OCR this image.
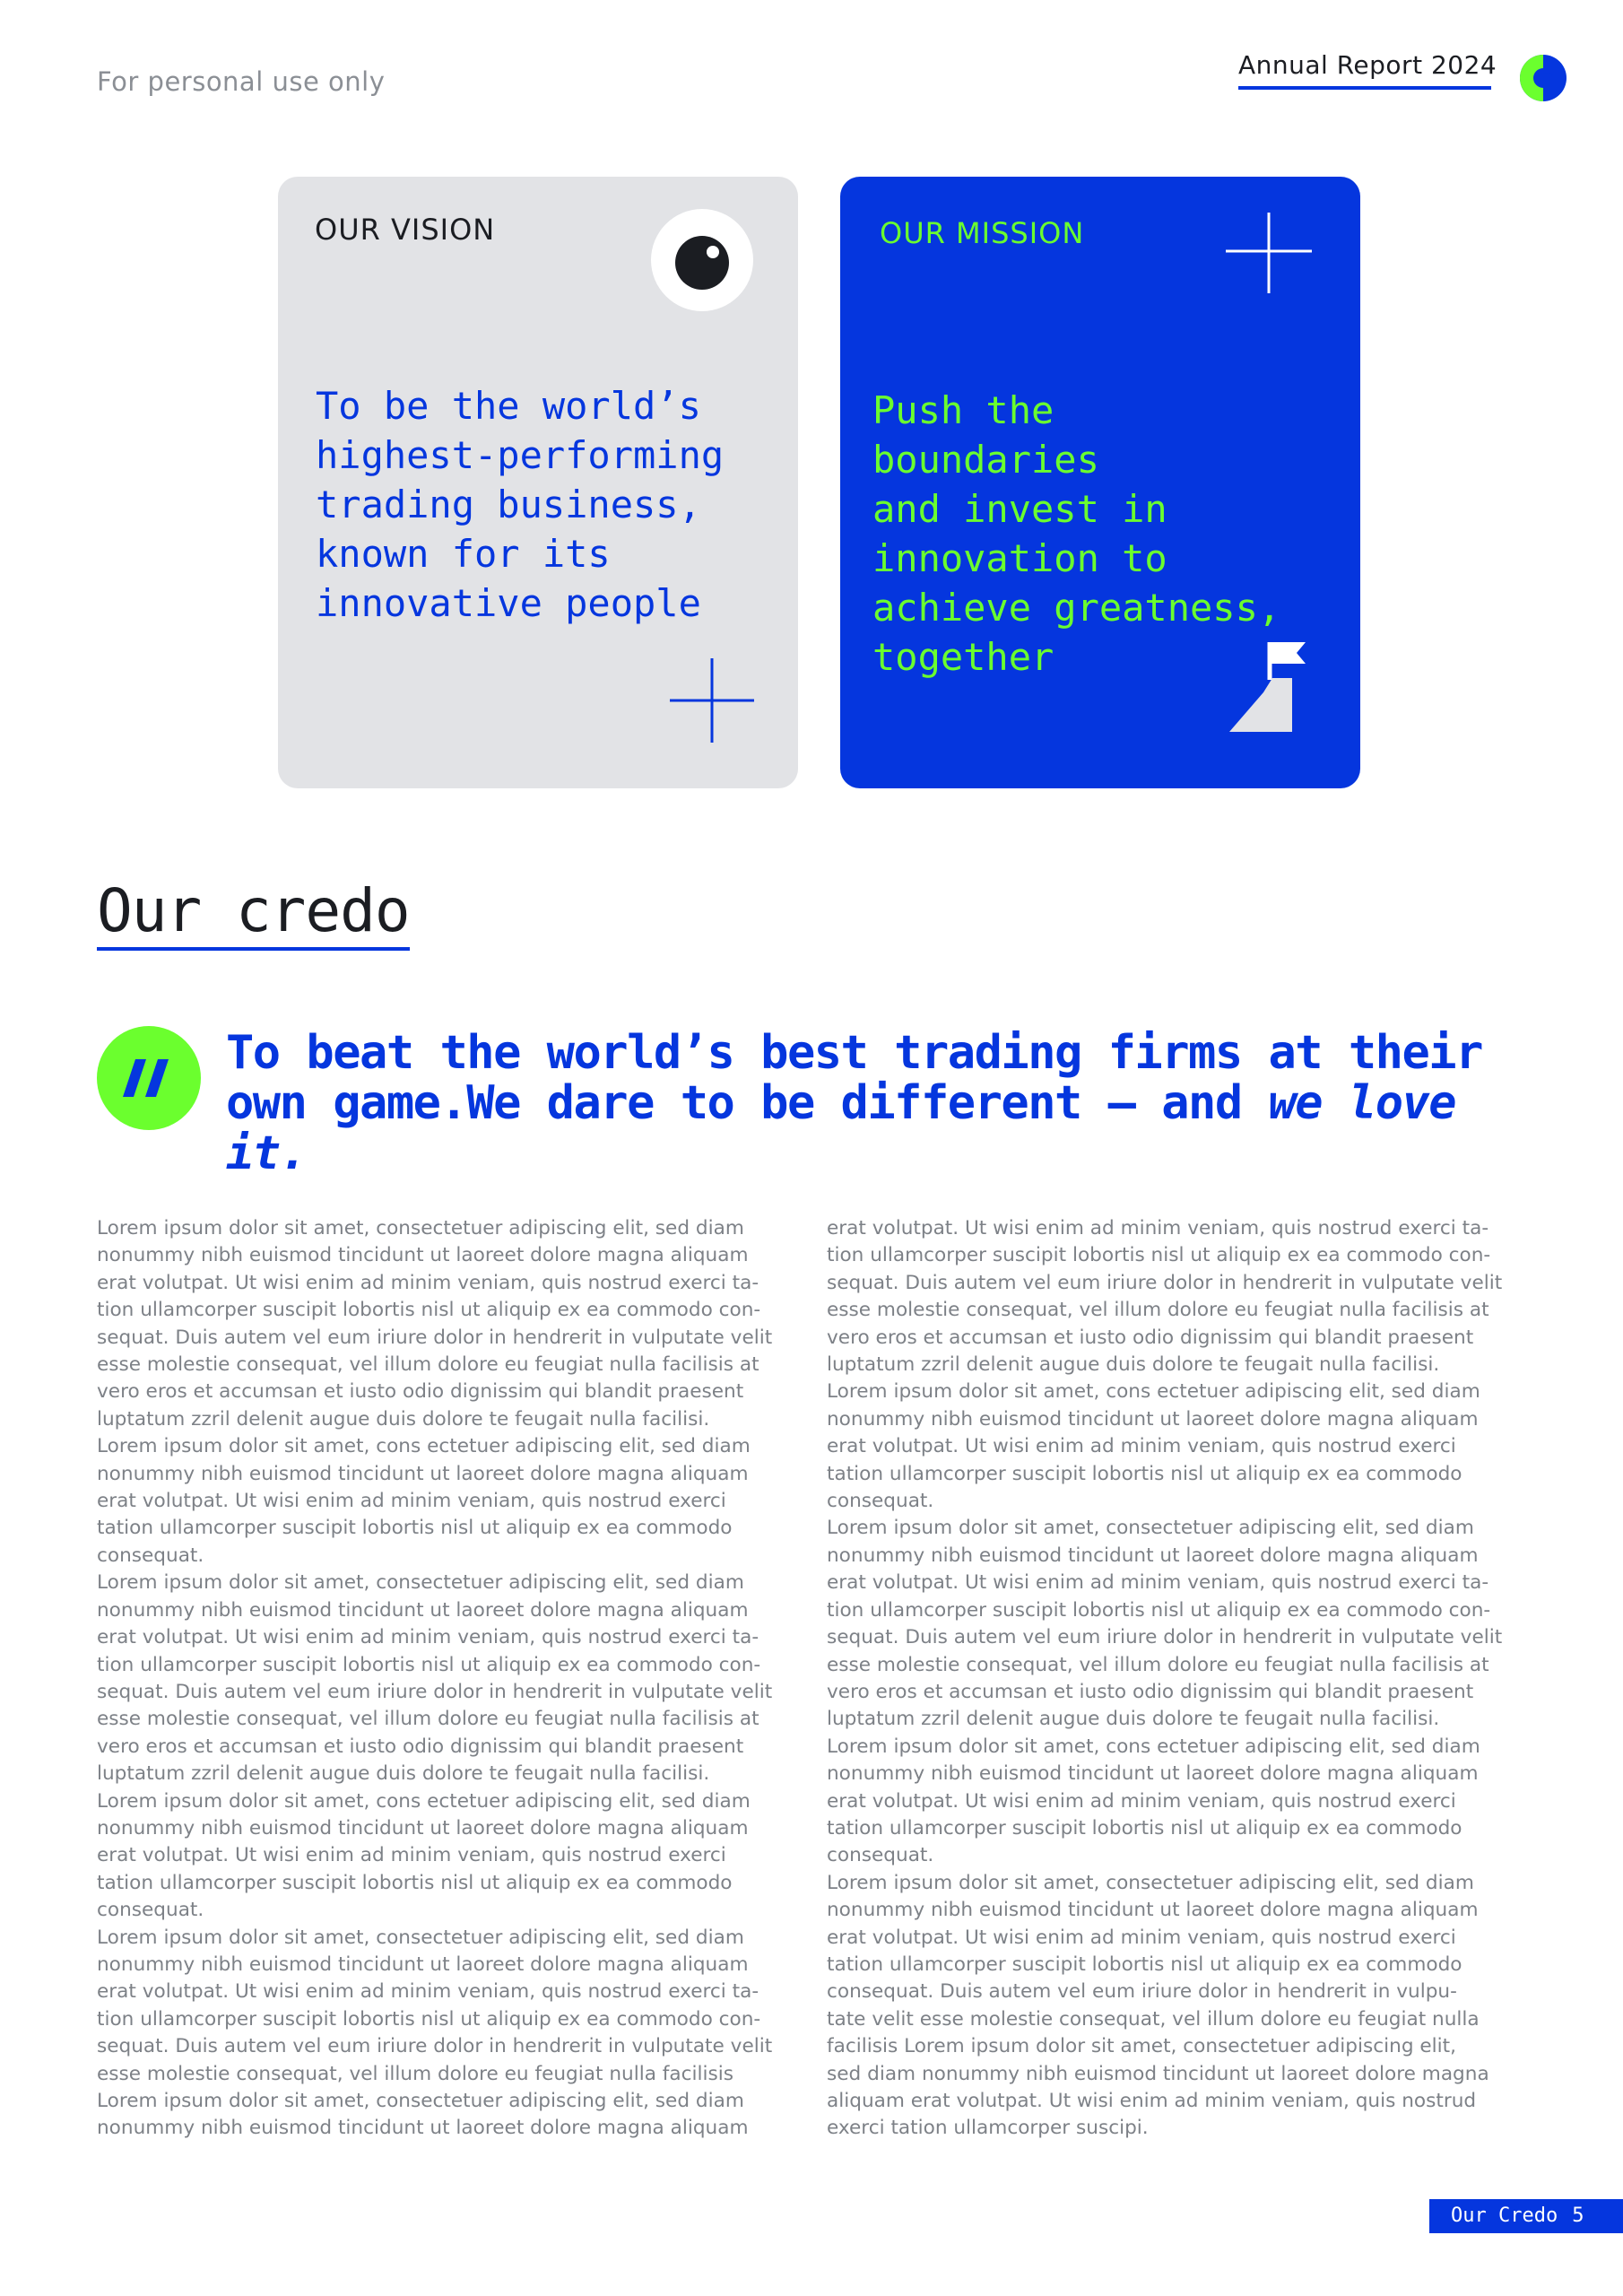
For personal use only
Annual Report 2024
OUR VISION
To be the world’s
highest-performing
trading business,
known for its
innovative people
OUR MISSION
Push the boundaries
and invest in
innovation to
achieve greatness,
together
Our credo
To beat the world’s best trading firms at their
own game.We dare to be different – and we love it.

Lorem ipsum dolor sit amet, consectetuer adipiscing elit, sed diam

nonummy nibh euismod tincidunt ut laoreet dolore magna aliquam

erat volutpat. Ut wisi enim ad minim veniam, quis nostrud exerci ta-

tion ullamcorper suscipit lobortis nisl ut aliquip ex ea commodo con-

sequat. Duis autem vel eum iriure dolor in hendrerit in vulputate velit

esse molestie consequat, vel illum dolore eu feugiat nulla facilisis at

vero eros et accumsan et iusto odio dignissim qui blandit praesent

luptatum zzril delenit augue duis dolore te feugait nulla facilisi.

Lorem ipsum dolor sit amet, cons ectetuer adipiscing elit, sed diam

nonummy nibh euismod tincidunt ut laoreet dolore magna aliquam

erat volutpat. Ut wisi enim ad minim veniam, quis nostrud exerci

tation ullamcorper suscipit lobortis nisl ut aliquip ex ea commodo

consequat.

Lorem ipsum dolor sit amet, consectetuer adipiscing elit, sed diam

nonummy nibh euismod tincidunt ut laoreet dolore magna aliquam

erat volutpat. Ut wisi enim ad minim veniam, quis nostrud exerci ta-

tion ullamcorper suscipit lobortis nisl ut aliquip ex ea commodo con-

sequat. Duis autem vel eum iriure dolor in hendrerit in vulputate velit

esse molestie consequat, vel illum dolore eu feugiat nulla facilisis at

vero eros et accumsan et iusto odio dignissim qui blandit praesent

luptatum zzril delenit augue duis dolore te feugait nulla facilisi.

Lorem ipsum dolor sit amet, cons ectetuer adipiscing elit, sed diam

nonummy nibh euismod tincidunt ut laoreet dolore magna aliquam

erat volutpat. Ut wisi enim ad minim veniam, quis nostrud exerci

tation ullamcorper suscipit lobortis nisl ut aliquip ex ea commodo

consequat.

Lorem ipsum dolor sit amet, consectetuer adipiscing elit, sed diam

nonummy nibh euismod tincidunt ut laoreet dolore magna aliquam

erat volutpat. Ut wisi enim ad minim veniam, quis nostrud exerci ta-

tion ullamcorper suscipit lobortis nisl ut aliquip ex ea commodo con-

sequat. Duis autem vel eum iriure dolor in hendrerit in vulputate velit

esse molestie consequat, vel illum dolore eu feugiat nulla facilisis

Lorem ipsum dolor sit amet, consectetuer adipiscing elit, sed diam

nonummy nibh euismod tincidunt ut laoreet dolore magna aliquam

erat volutpat. Ut wisi enim ad minim veniam, quis nostrud exerci ta-

tion ullamcorper suscipit lobortis nisl ut aliquip ex ea commodo con-

sequat. Duis autem vel eum iriure dolor in hendrerit in vulputate velit

esse molestie consequat, vel illum dolore eu feugiat nulla facilisis at

vero eros et accumsan et iusto odio dignissim qui blandit praesent

luptatum zzril delenit augue duis dolore te feugait nulla facilisi.

Lorem ipsum dolor sit amet, cons ectetuer adipiscing elit, sed diam

nonummy nibh euismod tincidunt ut laoreet dolore magna aliquam

erat volutpat. Ut wisi enim ad minim veniam, quis nostrud exerci

tation ullamcorper suscipit lobortis nisl ut aliquip ex ea commodo

consequat.

Lorem ipsum dolor sit amet, consectetuer adipiscing elit, sed diam

nonummy nibh euismod tincidunt ut laoreet dolore magna aliquam

erat volutpat. Ut wisi enim ad minim veniam, quis nostrud exerci ta-

tion ullamcorper suscipit lobortis nisl ut aliquip ex ea commodo con-

sequat. Duis autem vel eum iriure dolor in hendrerit in vulputate velit

esse molestie consequat, vel illum dolore eu feugiat nulla facilisis at

vero eros et accumsan et iusto odio dignissim qui blandit praesent

luptatum zzril delenit augue duis dolore te feugait nulla facilisi.

Lorem ipsum dolor sit amet, cons ectetuer adipiscing elit, sed diam

nonummy nibh euismod tincidunt ut laoreet dolore magna aliquam

erat volutpat. Ut wisi enim ad minim veniam, quis nostrud exerci

tation ullamcorper suscipit lobortis nisl ut aliquip ex ea commodo

consequat.

Lorem ipsum dolor sit amet, consectetuer adipiscing elit, sed diam

nonummy nibh euismod tincidunt ut laoreet dolore magna aliquam

erat volutpat. Ut wisi enim ad minim veniam, quis nostrud exerci

tation ullamcorper suscipit lobortis nisl ut aliquip ex ea commodo

consequat. Duis autem vel eum iriure dolor in hendrerit in vulpu-

tate velit esse molestie consequat, vel illum dolore eu feugiat nulla

facilisis Lorem ipsum dolor sit amet, consectetuer adipiscing elit,

sed diam nonummy nibh euismod tincidunt ut laoreet dolore magna

aliquam erat volutpat. Ut wisi enim ad minim veniam, quis nostrud

exerci tation ullamcorper suscipi.

Our Credo 5
